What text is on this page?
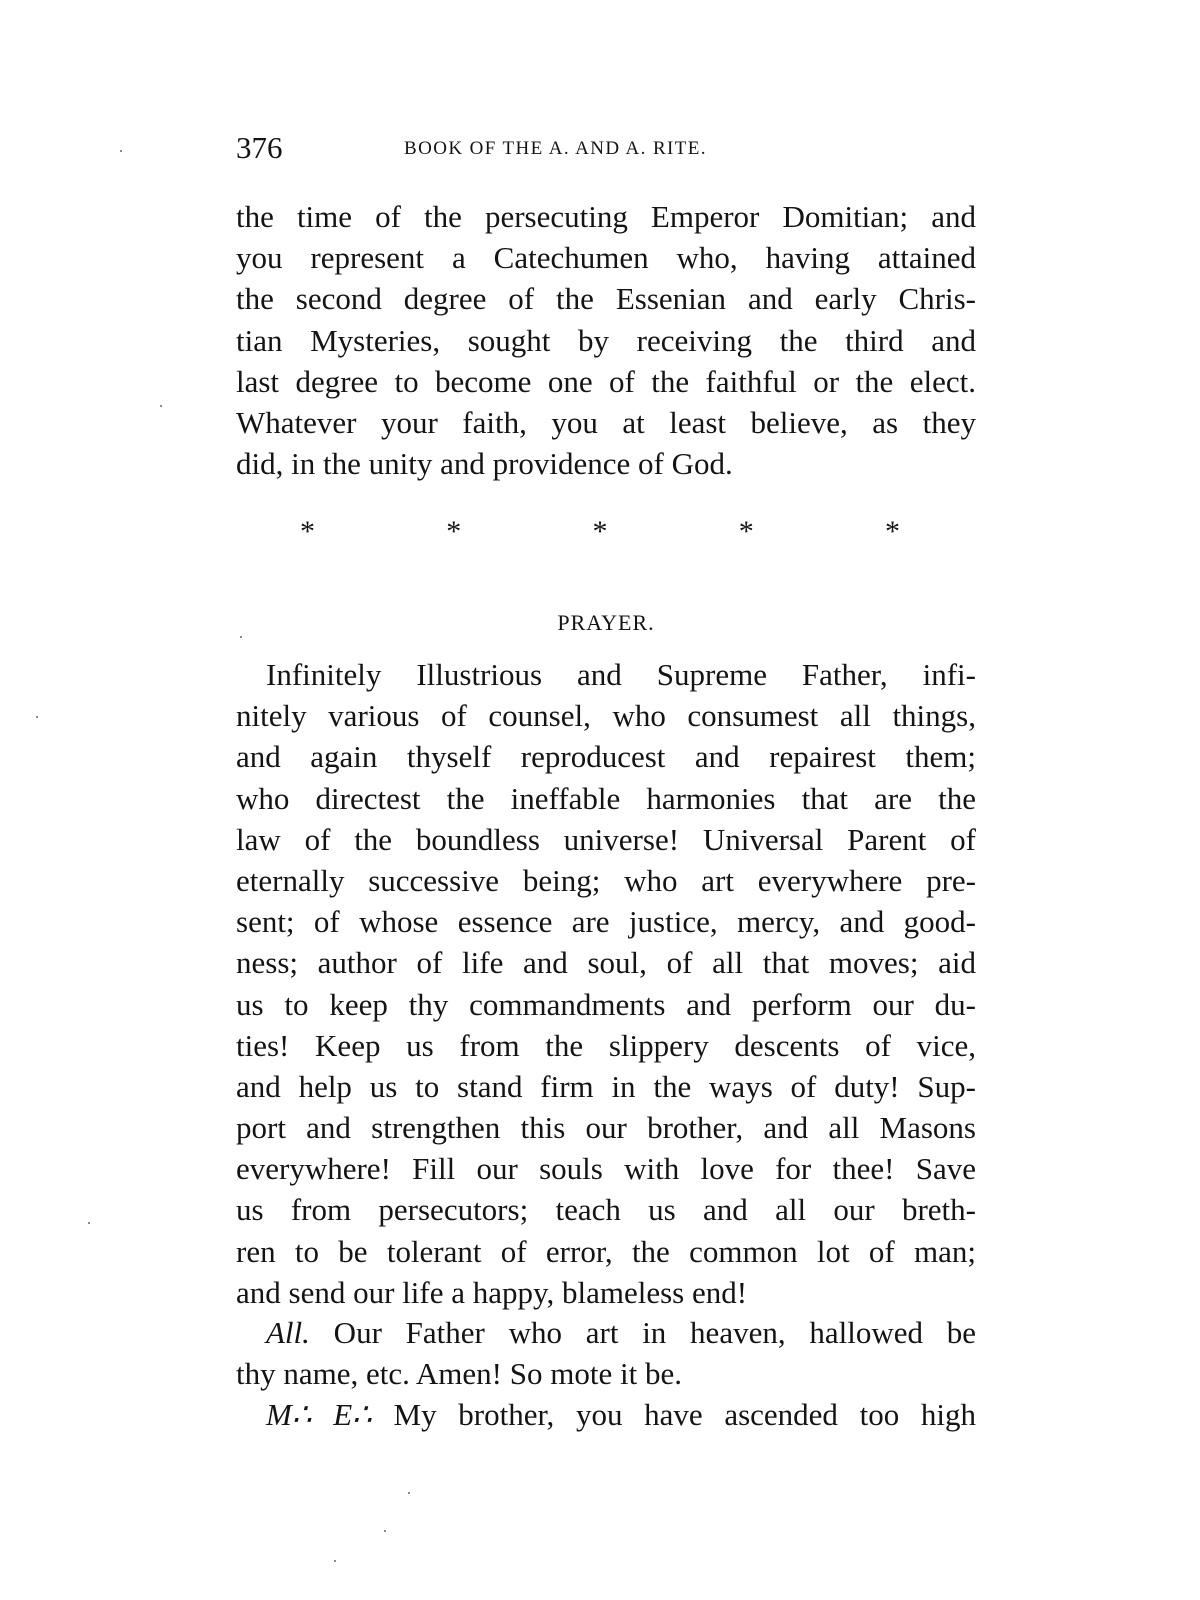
376	BOOK OF THE A. AND A. RITE.
the time of the persecuting Emperor Domitian; and
you represent a Catechumen who, having attained
the second degree of the Essenian and early Chris-
tian Mysteries, sought by receiving the third and
last degree to become one of the faithful or the elect.
Whatever your faith, you at least believe, as they
did, in the unity and providence of God.
*	*	*	*	*
PRAYER.
Infinitely Illustrious and Supreme Father, infi-
nitely various of counsel, who consumest all things,
and again thyself reproducest and repairest them;
who directest the ineffable harmonies that are the
law of the boundless universe! Universal Parent of
eternally successive being; who art everywhere pre-
sent; of whose essence are justice, mercy, and good-
ness; author of life and soul, of all that moves; aid
us to keep thy commandments and perform our du-
ties! Keep us from the slippery descents of vice,
and help us to stand firm in the ways of duty! Sup-
port and strengthen this our brother, and all Masons
everywhere! Fill our souls with love for thee! Save
us from persecutors; teach us and all our breth-
ren to be tolerant of error, the common lot of man;
and send our life a happy, blameless end!
All. Our Father who art in heaven, hallowed be
thy name, etc. Amen! So mote it be.
M∴ E∴ My brother, you have ascended too high
